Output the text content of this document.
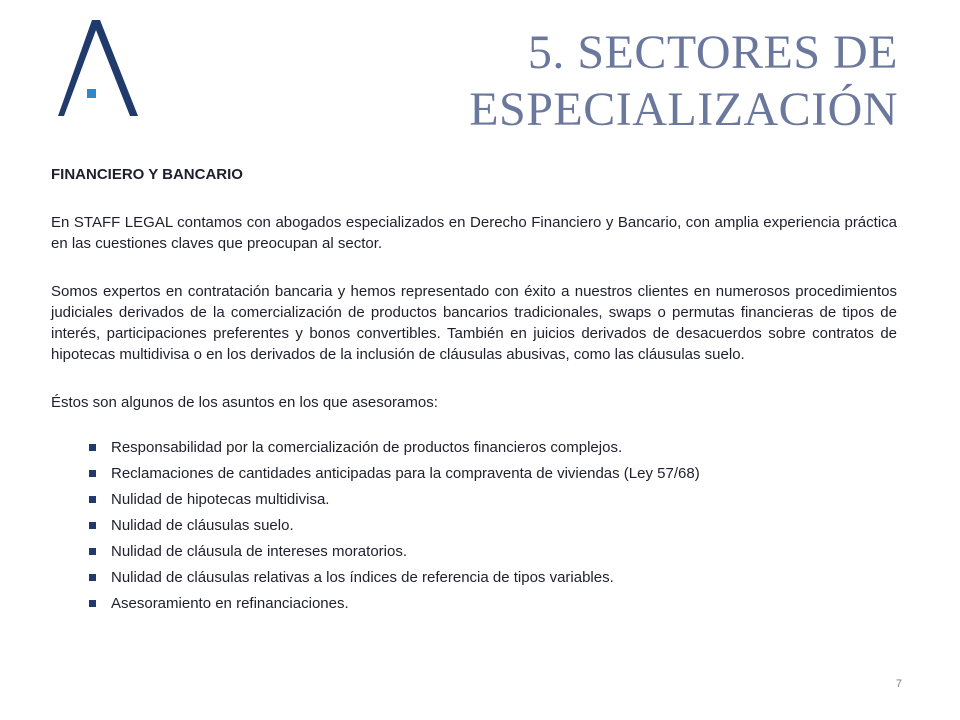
5. SECTORES DE
ESPECIALIZACIÓN

FINANCIERO Y BANCARIO

En STAFF LEGAL contamos con abogados especializados en Derecho Financiero y Bancario, con amplia experiencia práctica en las cuestiones claves que preocupan al sector.

Somos expertos en contratación bancaria y hemos representado con éxito a nuestros clientes en numerosos procedimientos judiciales derivados de la comercialización de productos bancarios tradicionales, swaps o permutas financieras de tipos de interés, participaciones preferentes y bonos convertibles. También en juicios derivados de desacuerdos sobre contratos de hipotecas multidivisa o en los derivados de la inclusión de cláusulas abusivas, como las cláusulas suelo.

Éstos son algunos de los asuntos en los que asesoramos:

Responsabilidad por la comercialización de productos financieros complejos.
Reclamaciones de cantidades anticipadas para la compraventa de viviendas (Ley 57/68)
Nulidad de hipotecas multidivisa.
Nulidad de cláusulas suelo.
Nulidad de cláusula de intereses moratorios.
Nulidad de cláusulas relativas a los índices de referencia de tipos variables.
Asesoramiento en refinanciaciones.
7
